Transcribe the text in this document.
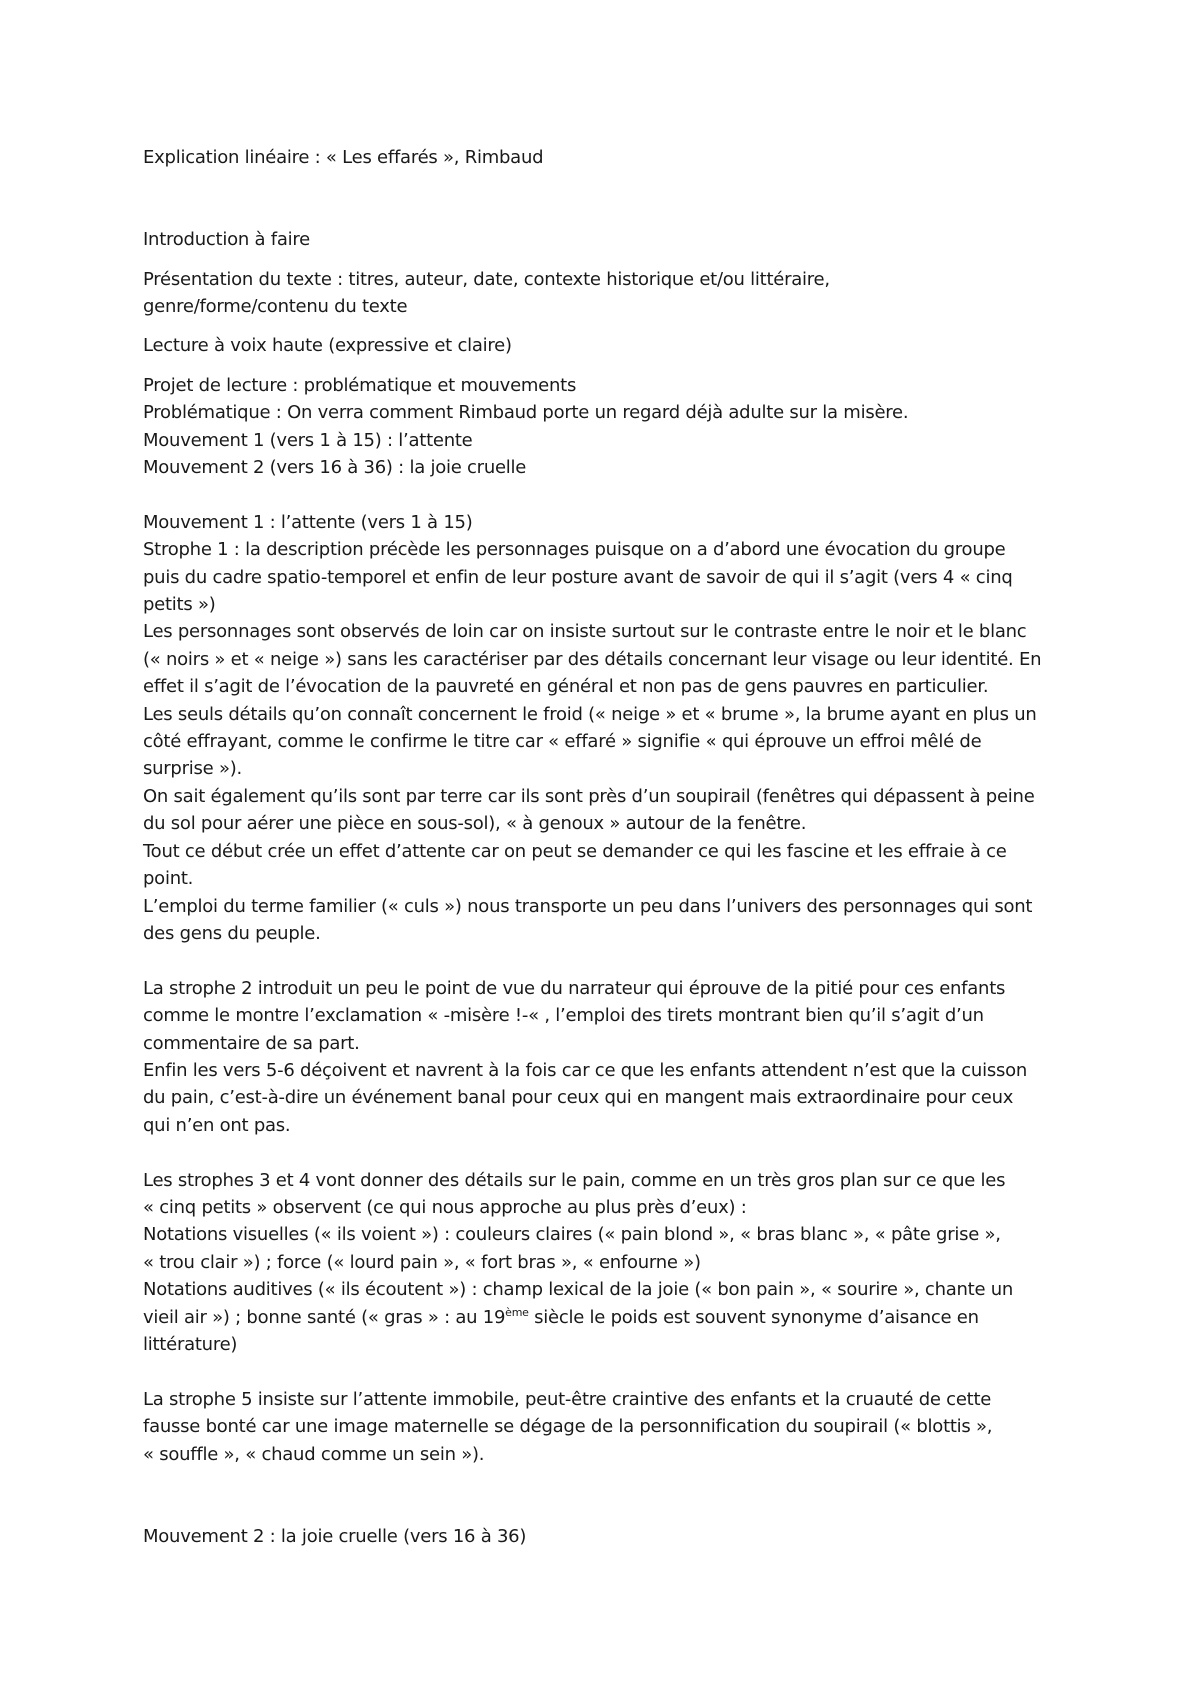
Explication linéaire : « Les effarés », Rimbaud
Introduction à faire
Présentation du texte : titres, auteur, date, contexte historique et/ou littéraire,
genre/forme/contenu du texte
Lecture à voix haute (expressive et claire)
Projet de lecture : problématique et mouvements
Problématique : On verra comment Rimbaud porte un regard déjà adulte sur la misère.
Mouvement 1 (vers 1 à 15) : l’attente
Mouvement 2 (vers 16 à 36) : la joie cruelle
Mouvement 1 : l’attente (vers 1 à 15)
Strophe 1 : la description précède les personnages puisque on a d’abord une évocation du groupe
puis du cadre spatio-temporel et enfin de leur posture avant de savoir de qui il s’agit (vers 4 « cinq
petits »)
Les personnages sont observés de loin car on insiste surtout sur le contraste entre le noir et le blanc
(« noirs » et « neige ») sans les caractériser par des détails concernant leur visage ou leur identité. En
effet il s’agit de l’évocation de la pauvreté en général et non pas de gens pauvres en particulier.
Les seuls détails qu’on connaît concernent le froid (« neige » et « brume », la brume ayant en plus un
côté effrayant, comme le confirme le titre car « effaré » signifie « qui éprouve un effroi mêlé de
surprise »).
On sait également qu’ils sont par terre car ils sont près d’un soupirail (fenêtres qui dépassent à peine
du sol pour aérer une pièce en sous-sol), « à genoux » autour de la fenêtre.
Tout ce début crée un effet d’attente car on peut se demander ce qui les fascine et les effraie à ce
point.
L’emploi du terme familier (« culs ») nous transporte un peu dans l’univers des personnages qui sont
des gens du peuple.
La strophe 2 introduit un peu le point de vue du narrateur qui éprouve de la pitié pour ces enfants
comme le montre l’exclamation « -misère !-« , l’emploi des tirets montrant bien qu’il s’agit d’un
commentaire de sa part.
Enfin les vers 5-6 déçoivent et navrent à la fois car ce que les enfants attendent n’est que la cuisson
du pain, c’est-à-dire un événement banal pour ceux qui en mangent mais extraordinaire pour ceux
qui n’en ont pas.
Les strophes 3 et 4 vont donner des détails sur le pain, comme en un très gros plan sur ce que les
« cinq petits » observent (ce qui nous approche au plus près d’eux) :
Notations visuelles (« ils voient ») : couleurs claires (« pain blond », « bras blanc », « pâte grise »,
« trou clair ») ; force (« lourd pain », « fort bras », « enfourne »)
Notations auditives (« ils écoutent ») : champ lexical de la joie (« bon pain », « sourire », chante un
vieil air ») ; bonne santé (« gras » : au 19ème siècle le poids est souvent synonyme d’aisance en
littérature)
La strophe 5 insiste sur l’attente immobile, peut-être craintive des enfants et la cruauté de cette
fausse bonté car une image maternelle se dégage de la personnification du soupirail (« blottis »,
« souffle », « chaud comme un sein »).
Mouvement 2 : la joie cruelle (vers 16 à 36)
